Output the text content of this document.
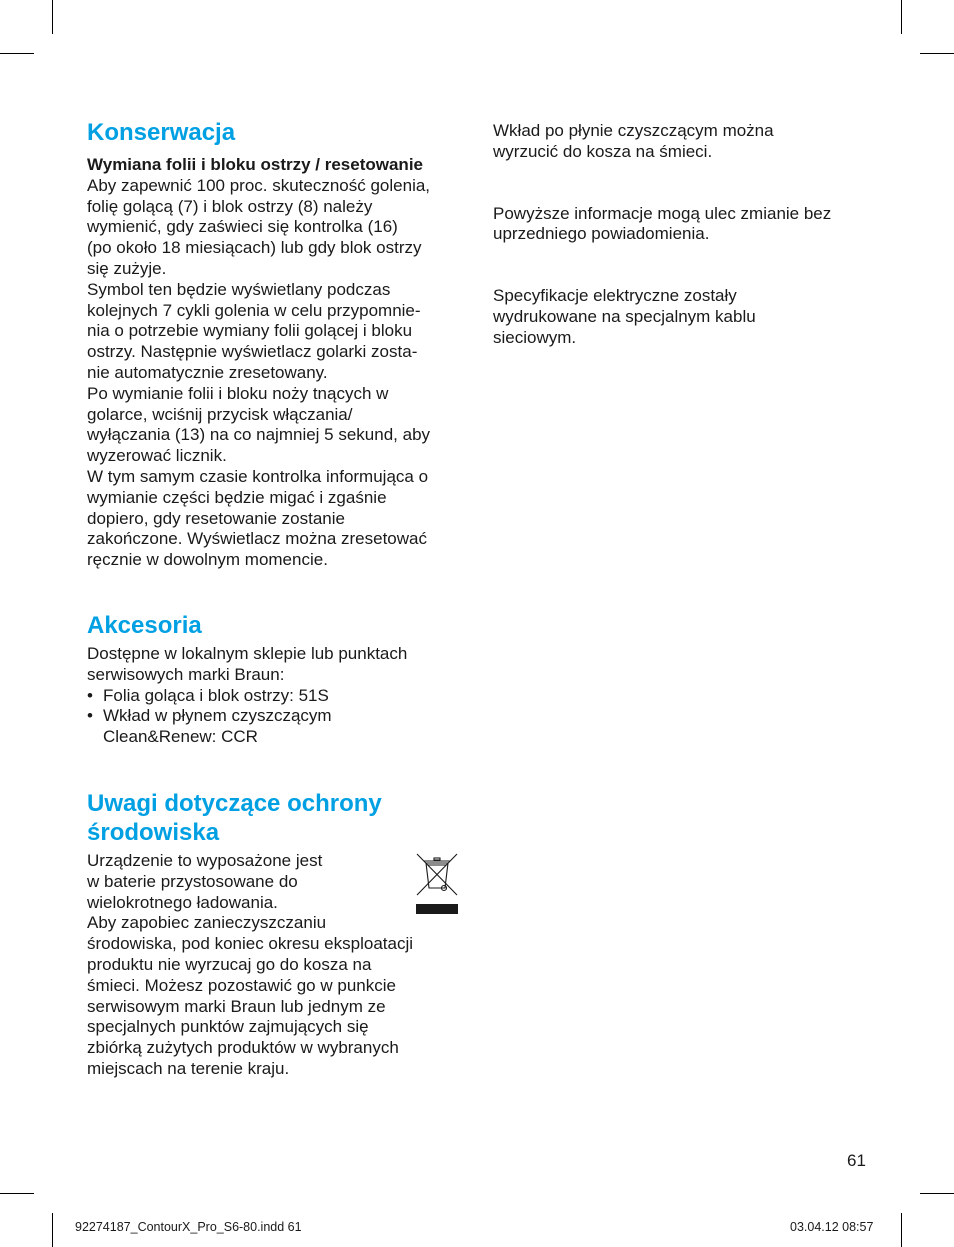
Konserwacja
Wymiana folii i bloku ostrzy / resetowanie
Aby zapewnić 100 proc. skuteczność golenia,
folię golącą (7) i blok ostrzy (8) należy
wymienić, gdy zaświeci się kontrolka (16)
(po około 18 miesiącach) lub gdy blok ostrzy
się zużyje.
Symbol ten będzie wyświetlany podczas
kolejnych 7 cykli golenia w celu przypomnie-
nia o potrzebie wymiany folii golącej i bloku
ostrzy. Następnie wyświetlacz golarki zosta-
nie automatycznie zresetowany.
Po wymianie folii i bloku noży tnących w
golarce, wciśnij przycisk włączania/
wyłączania (13) na co najmniej 5 sekund, aby
wyzerować licznik.
W tym samym czasie kontrolka informująca o
wymianie części będzie migać i zgaśnie
dopiero, gdy resetowanie zostanie
zakończone. Wyświetlacz można zresetować
ręcznie w dowolnym momencie.
Akcesoria
Dostępne w lokalnym sklepie lub punktach
serwisowych marki Braun:
• Folia goląca i blok ostrzy: 51S
• Wkład w płynem czyszczącym
Clean&Renew: CCR
Uwagi dotyczące ochrony
środowiska
Urządzenie to wyposażone jest
w baterie przystosowane do
wielokrotnego ładowania.
Aby zapobiec zanieczyszczaniu
środowiska, pod koniec okresu eksploatacji
produktu nie wyrzucaj go do kosza na
śmieci. Możesz pozostawić go w punkcie
serwisowym marki Braun lub jednym ze
specjalnych punktów zajmujących się
zbiórką zużytych produktów w wybranych
miejscach na terenie kraju.
Wkład po płynie czyszczącym można
wyrzucić do kosza na śmieci.
Powyższe informacje mogą ulec zmianie bez
uprzedniego powiadomienia.
Specyfikacje elektryczne zostały
wydrukowane na specjalnym kablu
sieciowym.
61
92274187_ContourX_Pro_S6-80.indd 61	03.04.12 08:57
